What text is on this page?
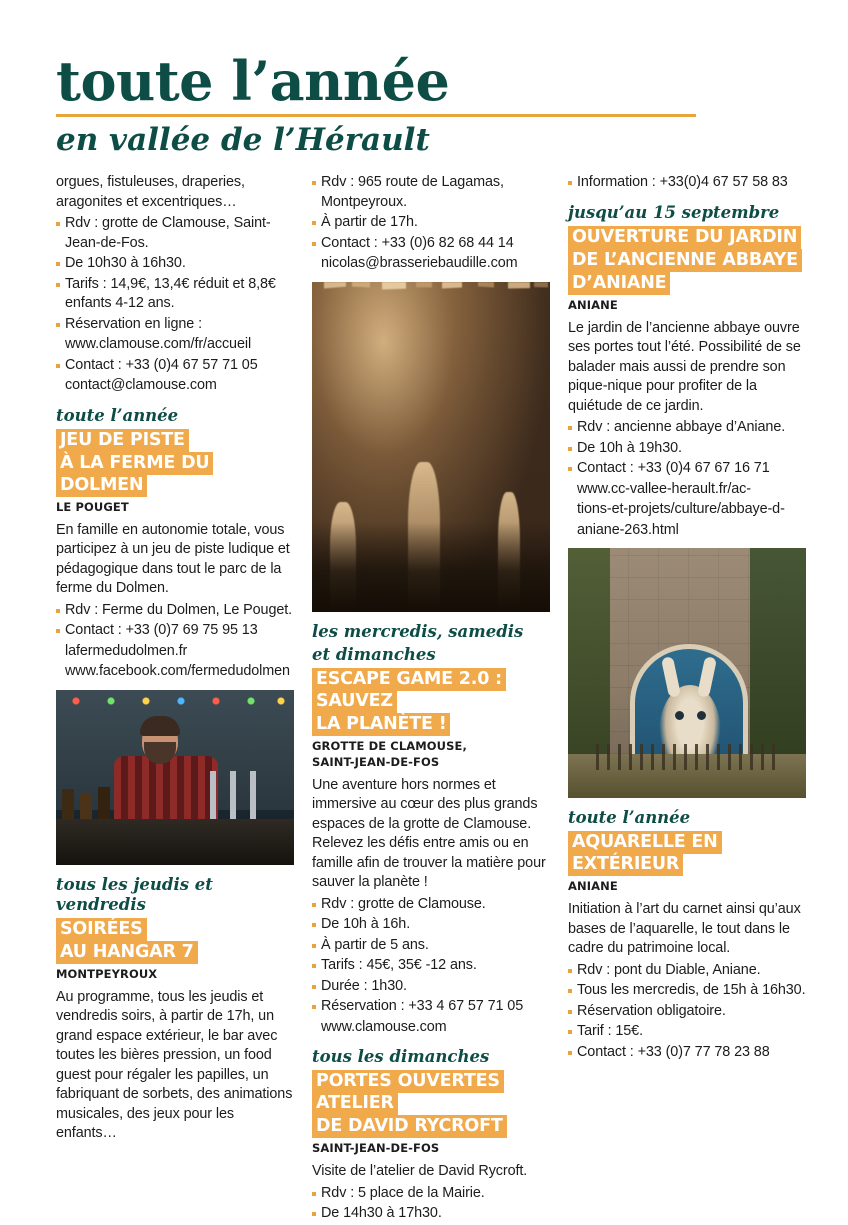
toute l’année
en vallée de l’Hérault

orgues, fistuleuses, draperies, aragonites et excentriques…

Rdv : grotte de Clamouse, Saint-Jean-de-Fos.
De 10h30 à 16h30.
Tarifs : 14,9€, 13,4€ réduit et 8,8€ enfants 4-12 ans.
Réservation en ligne :
www.clamouse.com/fr/accueil
Contact : +33 (0)4 67 57 71 05
contact@clamouse.com
toute l’année
JEU DE PISTE
À LA FERME DU DOLMEN
LE POUGET

En famille en autonomie totale, vous participez à un jeu de piste ludique et pédagogique dans tout le parc de la ferme du Dolmen.

Rdv : Ferme du Dolmen, Le Pouget.
Contact : +33 (0)7 69 75 95 13
lafermedudolmen.fr
www.facebook.com/fermedudolmen
tous les jeudis et vendredis
SOIRÉES
AU HANGAR 7
MONTPEYROUX

Au programme, tous les jeudis et vendredis soirs, à partir de 17h, un grand espace extérieur, le bar avec toutes les bières pression, un food guest pour régaler les papilles, un fabriquant de sorbets, des animations musicales, des jeux pour les enfants…

Rdv : 965 route de Lagamas, Montpeyroux.
À partir de 17h.
Contact : +33 (0)6 82 68 44 14
nicolas@brasseriebaudille.com
les mercredis, samedis
et dimanches
ESCAPE GAME 2.0 : SAUVEZ
LA PLANÈTE !
GROTTE DE CLAMOUSE,
SAINT-JEAN-DE-FOS

Une aventure hors normes et immersive au cœur des plus grands espaces de la grotte de Clamouse. Relevez les défis entre amis ou en famille afin de trouver la matière pour sauver la planète !

Rdv : grotte de Clamouse.
De 10h à 16h.
À partir de 5 ans.
Tarifs : 45€, 35€ -12 ans.
Durée : 1h30.
Réservation : +33 4 67 57 71 05
www.clamouse.com
tous les dimanches
PORTES OUVERTES ATELIER
DE DAVID RYCROFT
SAINT-JEAN-DE-FOS

Visite de l’atelier de David Rycroft.

Rdv : 5 place de la Mairie.
De 14h30 à 17h30.
Information : +33(0)4 67 57 58 83
jusqu’au 15 septembre
OUVERTURE DU JARDIN
DE L’ANCIENNE ABBAYE
D’ANIANE
ANIANE

Le jardin de l’ancienne abbaye ouvre ses portes tout l’été. Possibilité de se balader mais aussi de prendre son pique-nique pour profiter de la quiétude de ce jardin.

Rdv : ancienne abbaye d’Aniane.
De 10h à 19h30.
Contact : +33 (0)4 67 67 16 71
www.cc-vallee-herault.fr/ac-
tions-et-projets/culture/abbaye-d-
aniane-263.html
toute l’année
AQUARELLE EN EXTÉRIEUR
ANIANE

Initiation à l’art du carnet ainsi qu’aux bases de l’aquarelle, le tout dans le cadre du patrimoine local.

Rdv : pont du Diable, Aniane.
Tous les mercredis, de 15h à 16h30.
Réservation obligatoire.
Tarif : 15€.
Contact : +33 (0)7 77 78 23 88
